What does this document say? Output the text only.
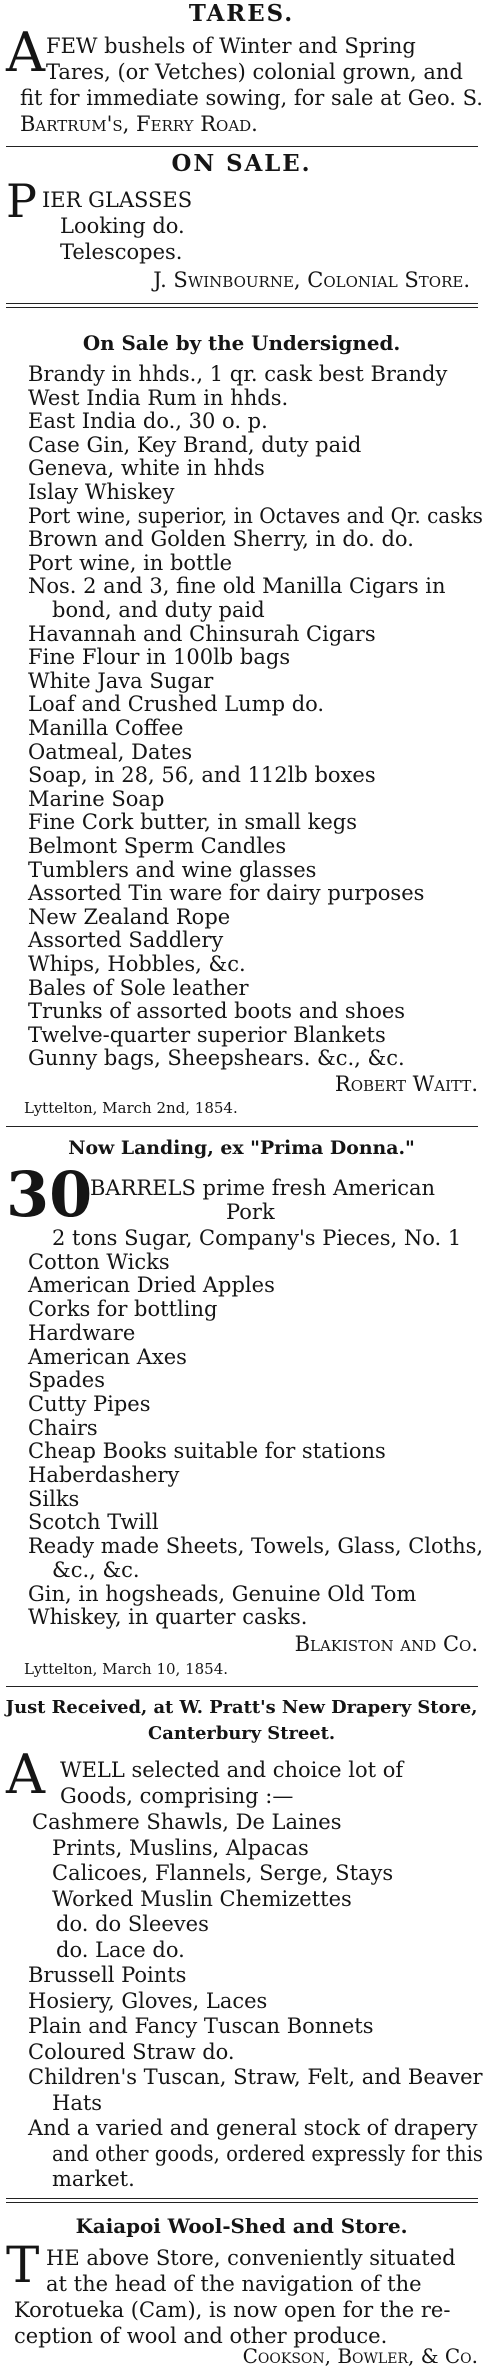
TARES.
A FEW bushels of Winter and Spring
Tares, (or Vetches) colonial grown, and
fit for immediate sowing, for sale at Geo. S.
Bartrum's, Ferry Road.
ON SALE.
P IER GLASSES
Looking do.
Telescopes.
J. Swinbourne, Colonial Store.
On Sale by the Undersigned.
Brandy in hhds., 1 qr. cask best Brandy
West India Rum in hhds.
East India do., 30 o. p.
Case Gin, Key Brand, duty paid
Geneva, white in hhds
Islay Whiskey
Port wine, superior, in Octaves and Qr. casks
Brown and Golden Sherry, in do. do.
Port wine, in bottle
Nos. 2 and 3, fine old Manilla Cigars in
bond, and duty paid
Havannah and Chinsurah Cigars
Fine Flour in 100lb bags
White Java Sugar
Loaf and Crushed Lump do.
Manilla Coffee
Oatmeal, Dates
Soap, in 28, 56, and 112lb boxes
Marine Soap
Fine Cork butter, in small kegs
Belmont Sperm Candles
Tumblers and wine glasses
Assorted Tin ware for dairy purposes
New Zealand Rope
Assorted Saddlery
Whips, Hobbles, &c.
Bales of Sole leather
Trunks of assorted boots and shoes
Twelve-quarter superior Blankets
Gunny bags, Sheepshears. &c., &c.
Robert Waitt.
Lyttelton, March 2nd, 1854.
Now Landing, ex "Prima Donna."
30
BARRELS prime fresh American
Pork
2 tons Sugar, Company's Pieces, No. 1
Cotton Wicks
American Dried Apples
Corks for bottling
Hardware
American Axes
Spades
Cutty Pipes
Chairs
Cheap Books suitable for stations
Haberdashery
Silks
Scotch Twill
Ready made Sheets, Towels, Glass, Cloths,
&c., &c.
Gin, in hogsheads, Genuine Old Tom
Whiskey, in quarter casks.
Lyttelton, March 10, 1854.
Blakiston and Co.
Just Received, at W. Pratt's New Drapery Store,
Canterbury Street.
A WELL selected and choice lot of
Goods, comprising :—
Cashmere Shawls, De Laines
Prints, Muslins, Alpacas
Calicoes, Flannels, Serge, Stays
Worked Muslin Chemizettes
do. do Sleeves
do. Lace do.
Brussell Points
Hosiery, Gloves, Laces
Plain and Fancy Tuscan Bonnets
Coloured Straw do.
Children's Tuscan, Straw, Felt, and Beaver
Hats
And a varied and general stock of drapery
and other goods, ordered expressly for this
market.
Kaiapoi Wool-Shed and Store.
T HE above Store, conveniently situated
at the head of the navigation of the
Korotueka (Cam), is now open for the re-
ception of wool and other produce.
Cookson, Bowler, & Co.
